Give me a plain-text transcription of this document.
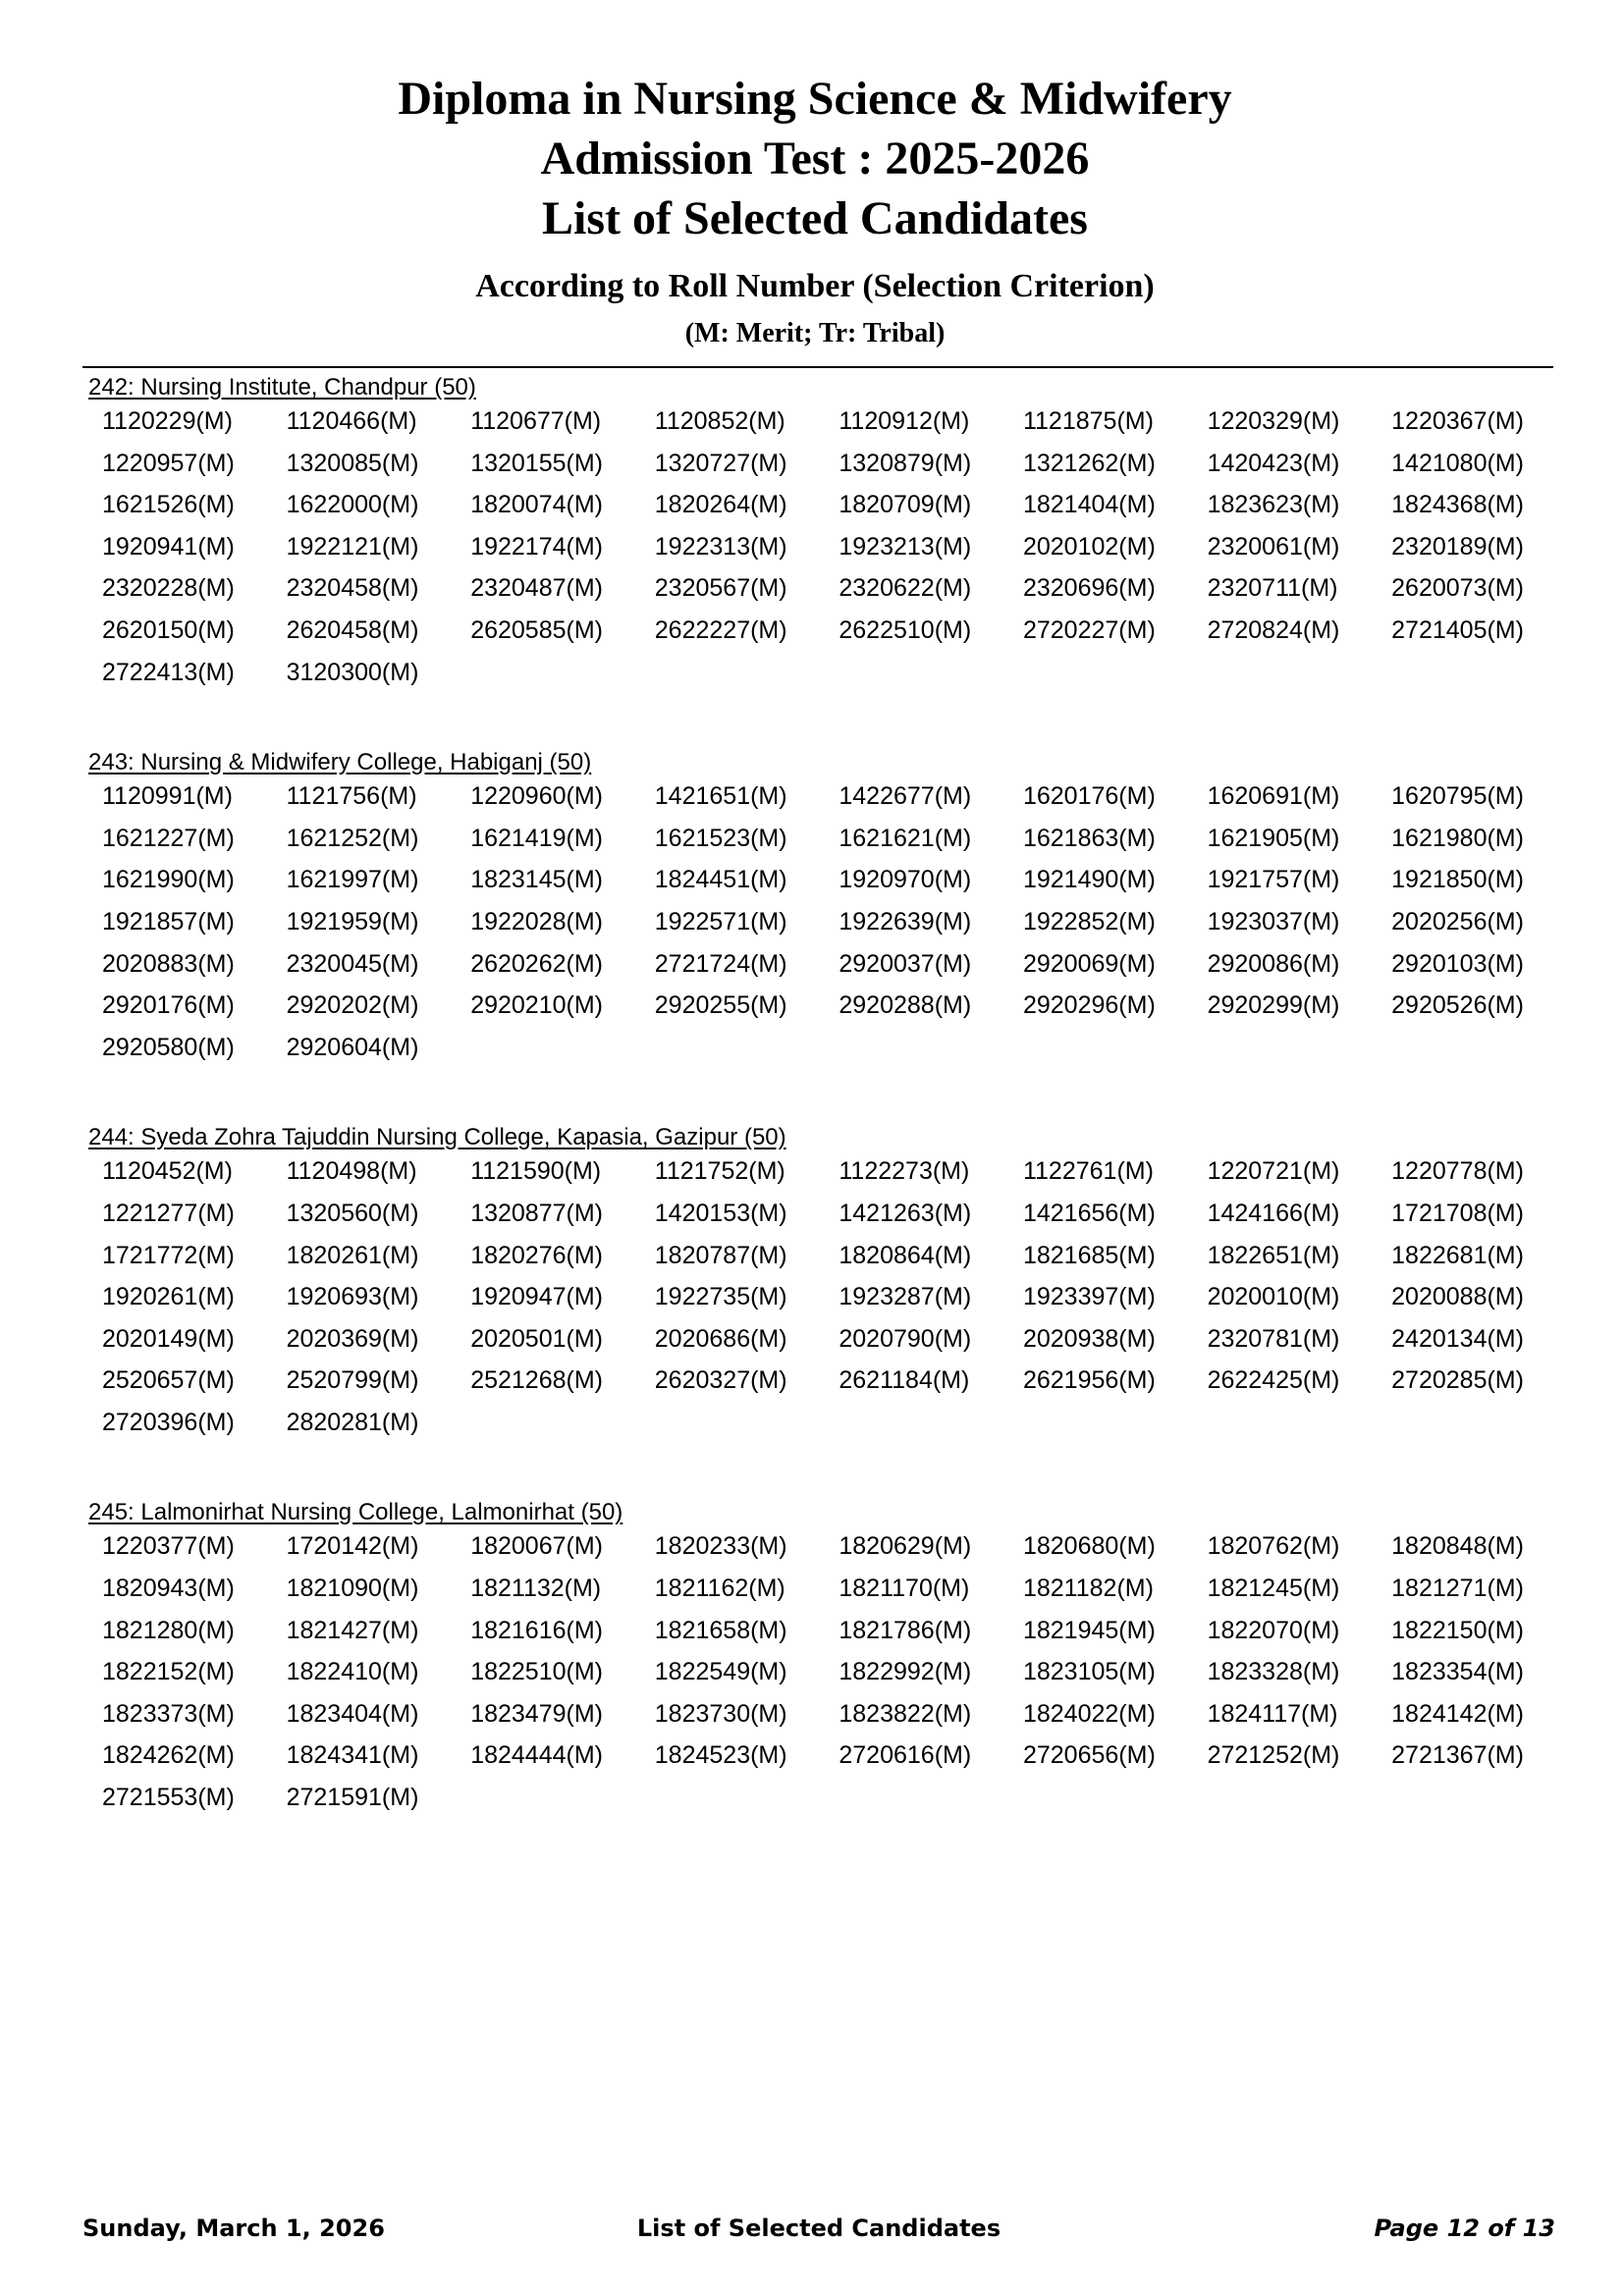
Diploma in Nursing Science & Midwifery
Admission Test : 2025-2026
List of Selected Candidates
According to Roll Number (Selection Criterion)
(M: Merit; Tr: Tribal)
242: Nursing Institute, Chandpur (50)
1120229(M)	1120466(M)	1120677(M)	1120852(M)	1120912(M)	1121875(M)	1220329(M)	1220367(M)
1220957(M)	1320085(M)	1320155(M)	1320727(M)	1320879(M)	1321262(M)	1420423(M)	1421080(M)
1621526(M)	1622000(M)	1820074(M)	1820264(M)	1820709(M)	1821404(M)	1823623(M)	1824368(M)
1920941(M)	1922121(M)	1922174(M)	1922313(M)	1923213(M)	2020102(M)	2320061(M)	2320189(M)
2320228(M)	2320458(M)	2320487(M)	2320567(M)	2320622(M)	2320696(M)	2320711(M)	2620073(M)
2620150(M)	2620458(M)	2620585(M)	2622227(M)	2622510(M)	2720227(M)	2720824(M)	2721405(M)
2722413(M)	3120300(M)
243: Nursing & Midwifery College, Habiganj (50)
1120991(M)	1121756(M)	1220960(M)	1421651(M)	1422677(M)	1620176(M)	1620691(M)	1620795(M)
1621227(M)	1621252(M)	1621419(M)	1621523(M)	1621621(M)	1621863(M)	1621905(M)	1621980(M)
1621990(M)	1621997(M)	1823145(M)	1824451(M)	1920970(M)	1921490(M)	1921757(M)	1921850(M)
1921857(M)	1921959(M)	1922028(M)	1922571(M)	1922639(M)	1922852(M)	1923037(M)	2020256(M)
2020883(M)	2320045(M)	2620262(M)	2721724(M)	2920037(M)	2920069(M)	2920086(M)	2920103(M)
2920176(M)	2920202(M)	2920210(M)	2920255(M)	2920288(M)	2920296(M)	2920299(M)	2920526(M)
2920580(M)	2920604(M)
244: Syeda Zohra Tajuddin Nursing College, Kapasia, Gazipur (50)
1120452(M)	1120498(M)	1121590(M)	1121752(M)	1122273(M)	1122761(M)	1220721(M)	1220778(M)
1221277(M)	1320560(M)	1320877(M)	1420153(M)	1421263(M)	1421656(M)	1424166(M)	1721708(M)
1721772(M)	1820261(M)	1820276(M)	1820787(M)	1820864(M)	1821685(M)	1822651(M)	1822681(M)
1920261(M)	1920693(M)	1920947(M)	1922735(M)	1923287(M)	1923397(M)	2020010(M)	2020088(M)
2020149(M)	2020369(M)	2020501(M)	2020686(M)	2020790(M)	2020938(M)	2320781(M)	2420134(M)
2520657(M)	2520799(M)	2521268(M)	2620327(M)	2621184(M)	2621956(M)	2622425(M)	2720285(M)
2720396(M)	2820281(M)
245: Lalmonirhat Nursing College, Lalmonirhat (50)
1220377(M)	1720142(M)	1820067(M)	1820233(M)	1820629(M)	1820680(M)	1820762(M)	1820848(M)
1820943(M)	1821090(M)	1821132(M)	1821162(M)	1821170(M)	1821182(M)	1821245(M)	1821271(M)
1821280(M)	1821427(M)	1821616(M)	1821658(M)	1821786(M)	1821945(M)	1822070(M)	1822150(M)
1822152(M)	1822410(M)	1822510(M)	1822549(M)	1822992(M)	1823105(M)	1823328(M)	1823354(M)
1823373(M)	1823404(M)	1823479(M)	1823730(M)	1823822(M)	1824022(M)	1824117(M)	1824142(M)
1824262(M)	1824341(M)	1824444(M)	1824523(M)	2720616(M)	2720656(M)	2721252(M)	2721367(M)
2721553(M)	2721591(M)
Sunday, March 1, 2026	List of Selected Candidates	Page 12 of 13
